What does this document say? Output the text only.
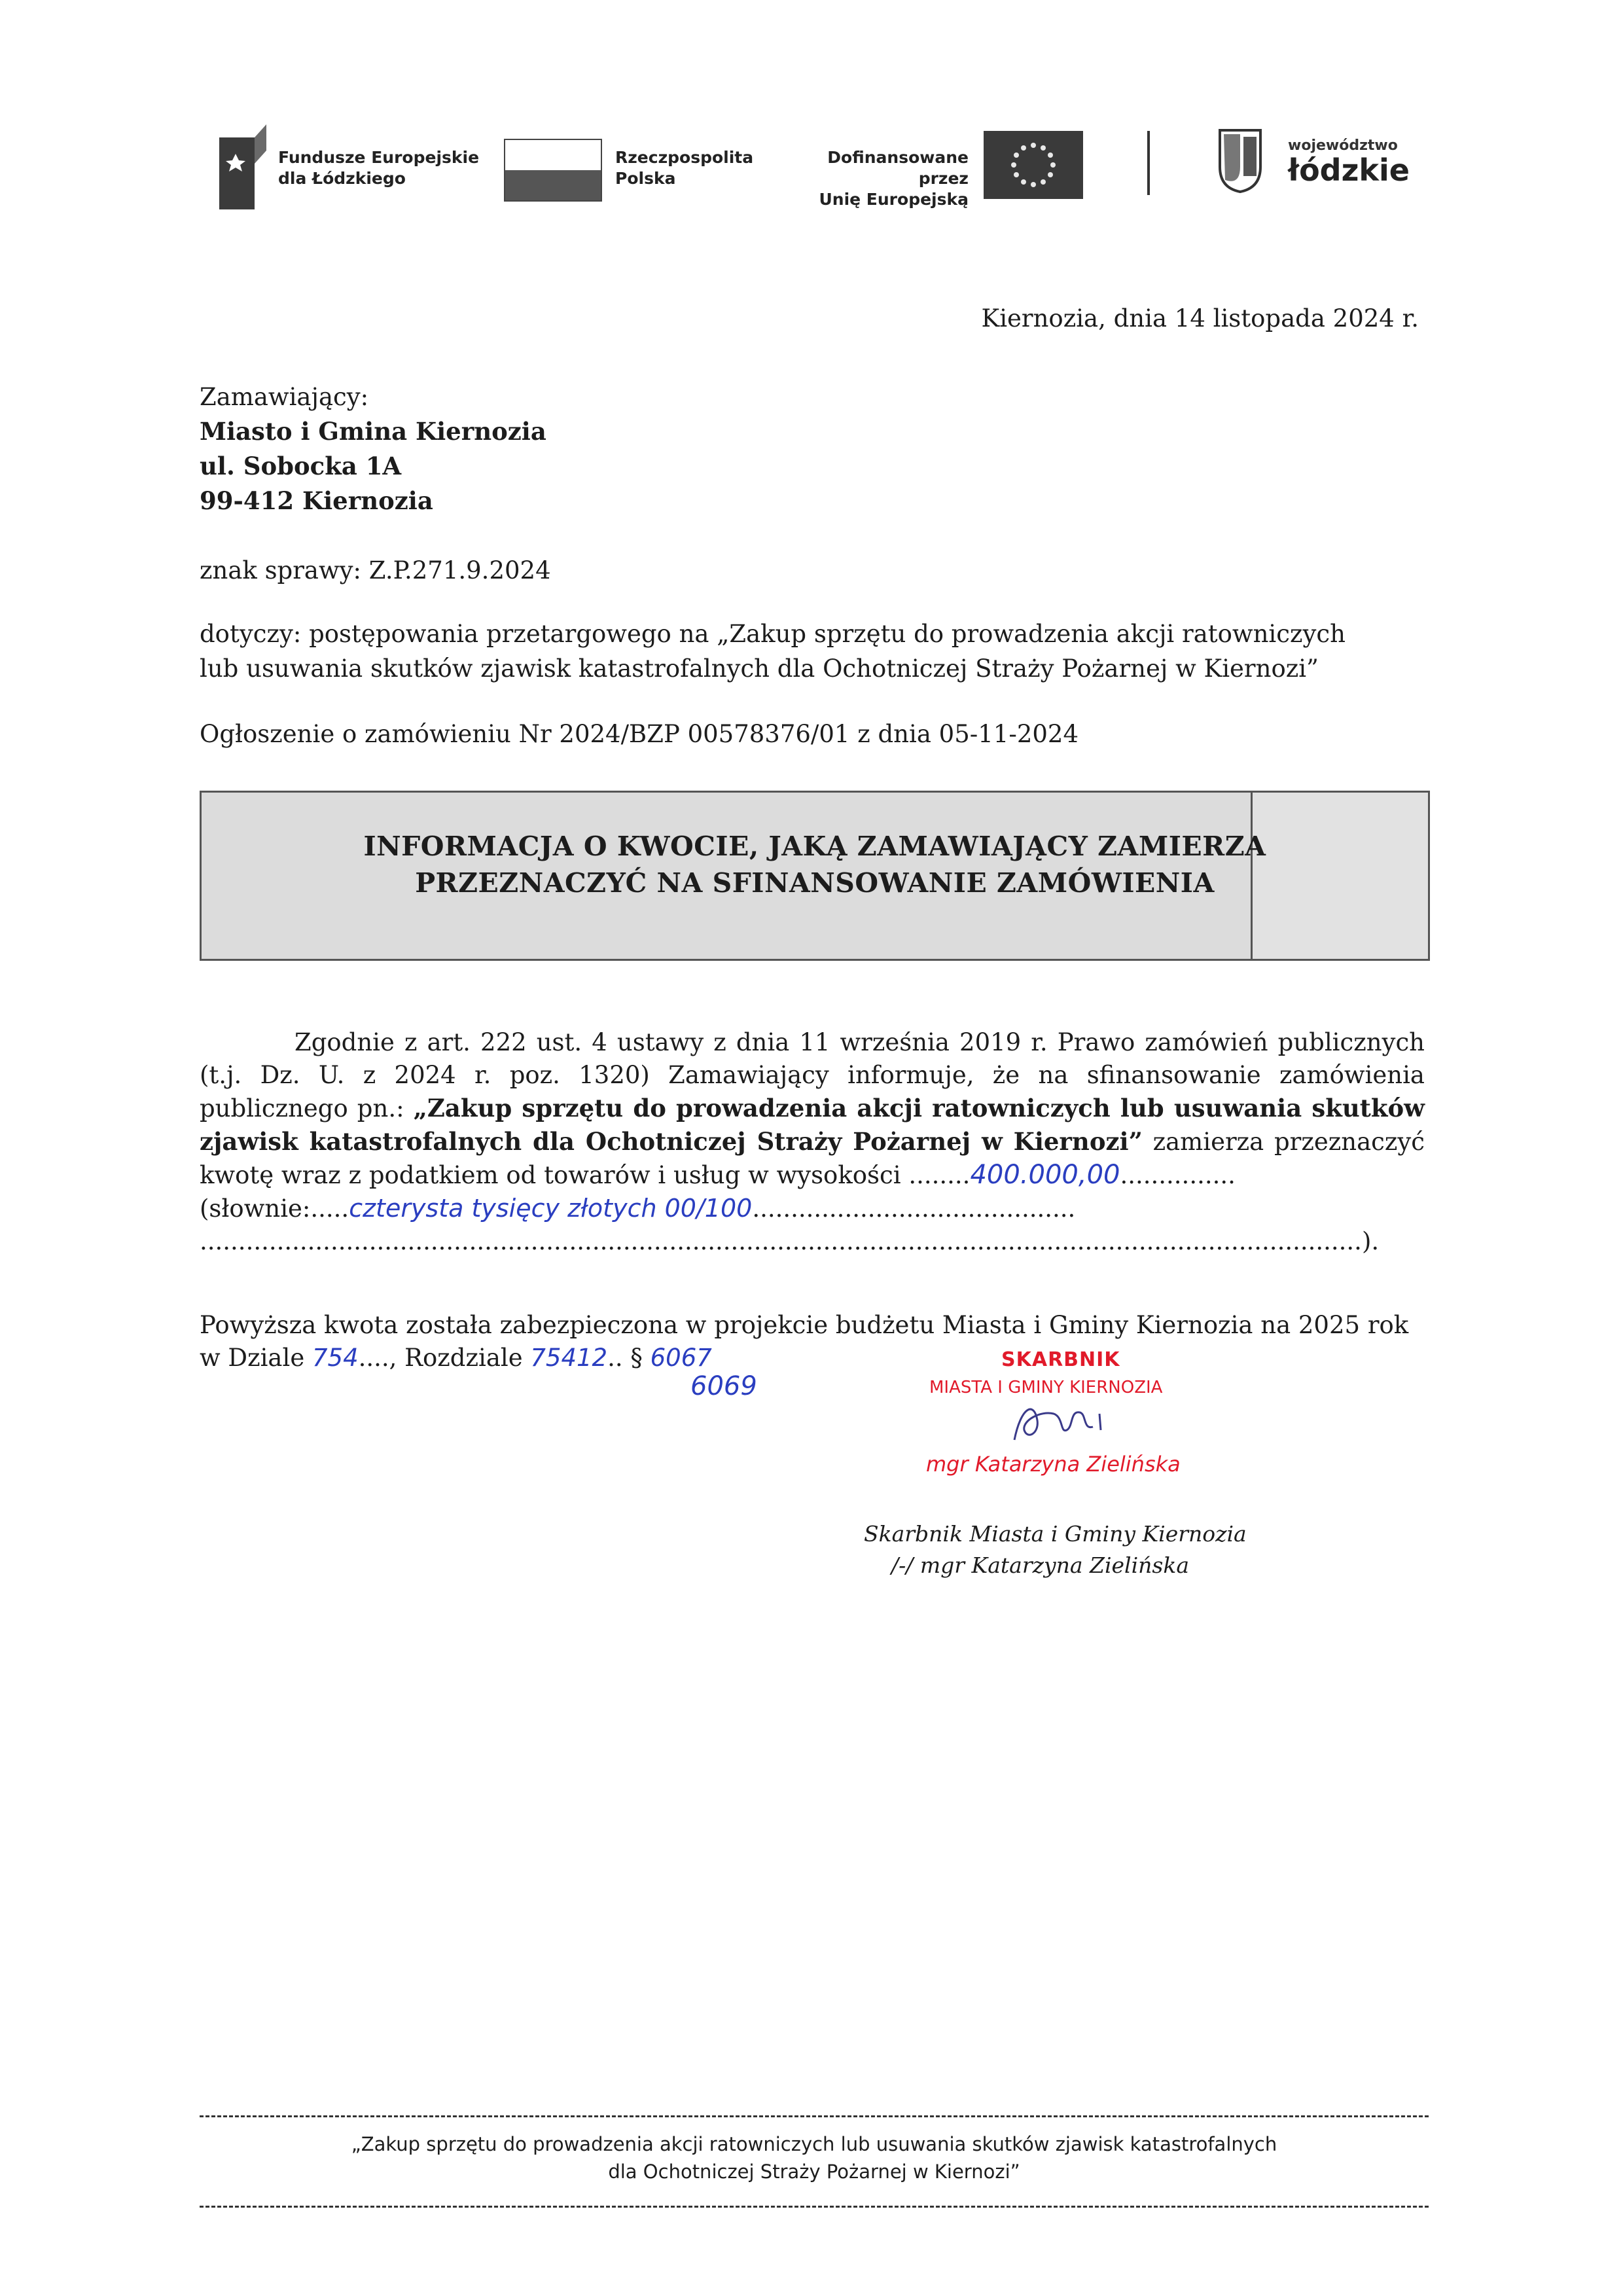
Fundusze Europejskie
dla Łódzkiego
Rzeczpospolita
Polska
Dofinansowane przez
Unię Europejską
województwo
łódzkie
Kiernozia, dnia 14 listopada 2024 r.
Zamawiający:
Miasto i Gmina Kiernozia
ul. Sobocka 1A
99-412 Kiernozia
znak sprawy: Z.P.271.9.2024
dotyczy: postępowania przetargowego na „Zakup sprzętu do prowadzenia akcji ratowniczych
lub usuwania skutków zjawisk katastrofalnych dla Ochotniczej Straży Pożarnej w Kiernozi”
Ogłoszenie o zamówieniu Nr 2024/BZP 00578376/01 z dnia 05-11-2024
INFORMACJA O KWOCIE, JAKĄ ZAMAWIAJĄCY ZAMIERZA
PRZEZNACZYĆ NA SFINANSOWANIE ZAMÓWIENIA
Zgodnie z art. 222 ust. 4 ustawy z dnia 11 września 2019 r. Prawo zamówień publicznych (t.j. Dz. U. z 2024 r. poz. 1320) Zamawiający informuje, że na sfinansowanie zamówienia publicznego pn.: „Zakup sprzętu do prowadzenia akcji ratowniczych lub usuwania skutków zjawisk katastrofalnych dla Ochotniczej Straży Pożarnej w Kiernozi” zamierza przeznaczyć kwotę wraz z podatkiem od towarów i usług w wysokości ........400.000,00...............
(słownie:.....czterysta tysięcy złotych 00/100..........................................
.......................................................................................................................................................).
Powyższa kwota została zabezpieczona w projekcie budżetu Miasta i Gminy Kiernozia na 2025 rok w Dziale 754...., Rozdziale 75412.. § 6067
6069
SKARBNIK
MIASTA I GMINY KIERNOZIA
mgr Katarzyna Zielińska
Skarbnik Miasta i Gminy Kiernozia
/-/ mgr Katarzyna Zielińska
„Zakup sprzętu do prowadzenia akcji ratowniczych lub usuwania skutków zjawisk katastrofalnych
dla Ochotniczej Straży Pożarnej w Kiernozi”
